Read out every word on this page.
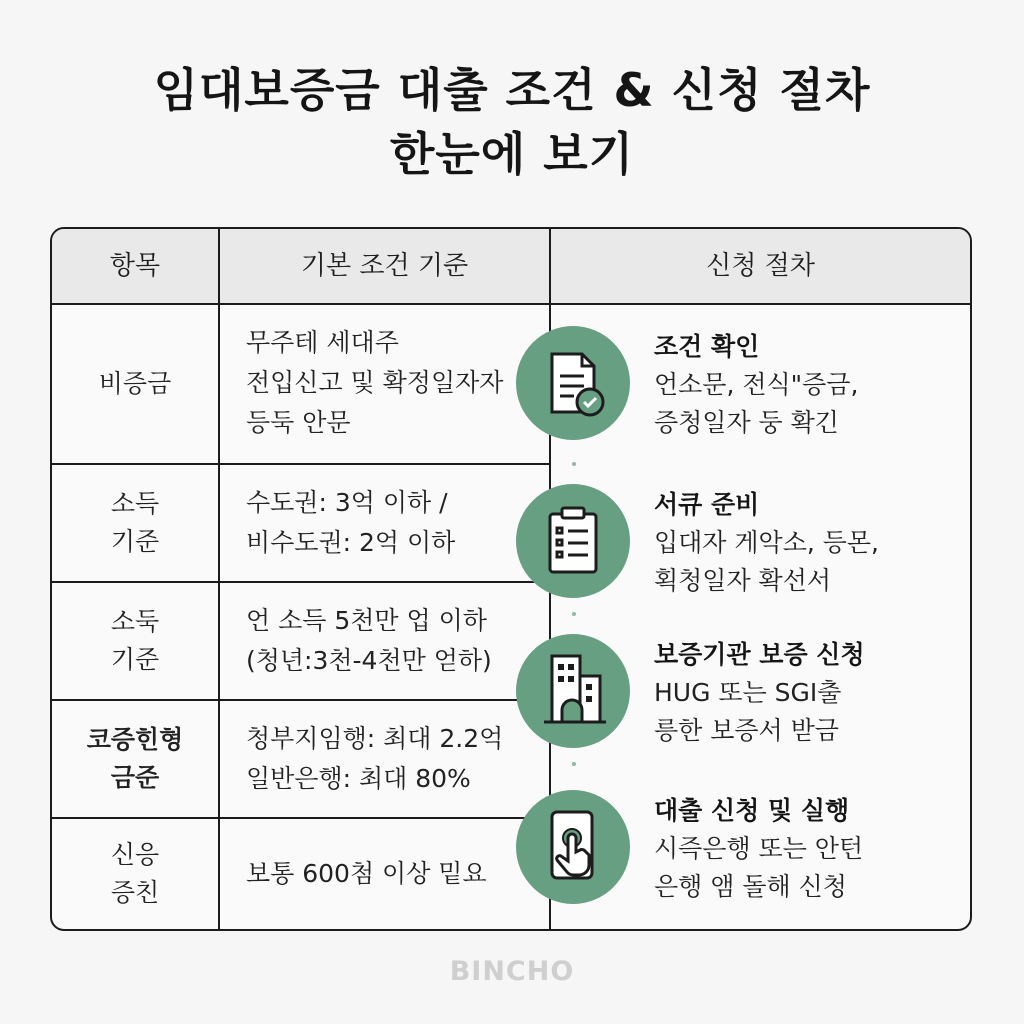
임대보증금 대출 조건 & 신청 절차
한눈에 보기
항목	기본 조건 기준	신청 절차
비증금
무주테 세대주
전입신고 및 확정일자자
등둑 안문
소득
기준
수도권: 3억 이하 /
비수도권: 2억 이하
소둑
기준
언 소득 5천만 업 이하
(청년:3천-4천만 얻하)
코증힌형
금준
청부지임행: 최대 2.2억
일반은행: 최대 80%
신응
증친
보통 600첨 이상 밑요
조건 확인
언소문, 전식"증금,
증청일자 둥 확긴
서큐 준비
입대자 게악소, 등몬,
획청일자 확선서
보증기관 보증 신청
HUG 또는 SGI출
릉한 보증서 받금
대출 신청 및 실행
시즉은행 또는 안턴
은행 앰 돌해 신청
BINCHO
